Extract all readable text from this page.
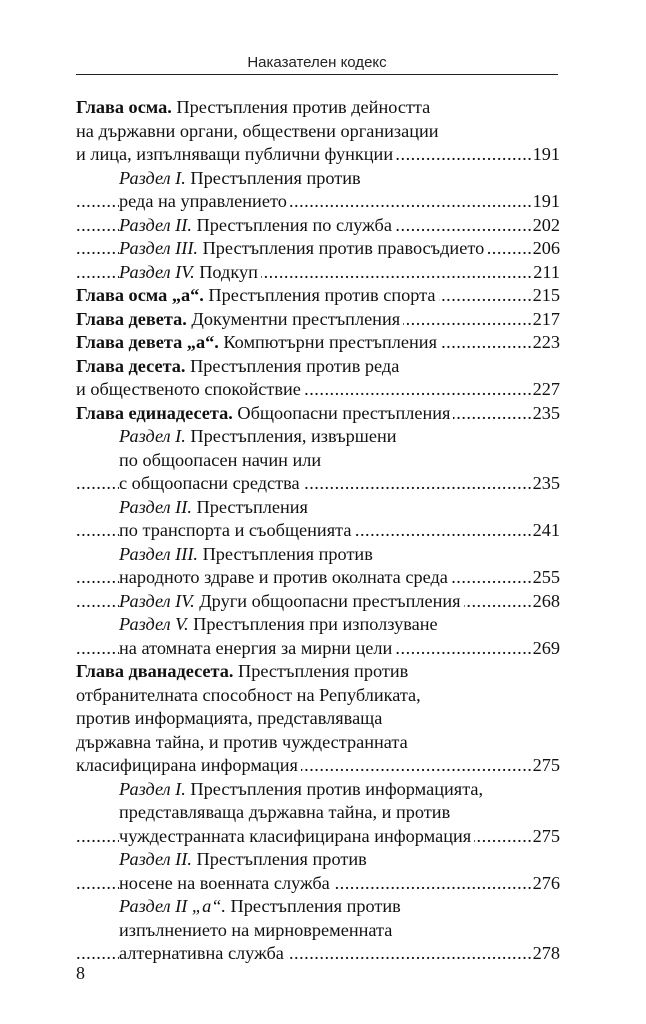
Наказателен кодекс
Глава осма. Престъпления против дейността
на държавни органи, обществени организации
и лица, изпълняващи публични функции	191
.....
Раздел I. Престъпления против
реда на управлението	191
.....
Раздел II. Престъпления по служба	202
.....
Раздел III. Престъпления против правосъдието	206
.....
Раздел IV. Подкуп	211
.....
Глава осма „а“. Престъпления против спорта	215
.....
Глава девета. Документни престъпления	217
.....
Глава девета „а“. Компютърни престъпления	223
.....
Глава десета. Престъпления против реда
и общественото спокойствие	227
.....
Глава единадесета. Общоопасни престъпления	235
.....
Раздел I. Престъпления, извършени
по общоопасен начин или
с общоопасни средства	235
.....
Раздел II. Престъпления
по транспорта и съобщенията	241
.....
Раздел III. Престъпления против
народното здраве и против околната среда	255
.....
Раздел IV. Други общоопасни престъпления	268
.....
Раздел V. Престъпления при използуване
на атомната енергия за мирни цели	269
.....
Глава дванадесета. Престъпления против
отбранителната способност на Републиката,
против информацията, представляваща
държавна тайна, и против чуждестранната
класифицирана информация	275
.....
Раздел I. Престъпления против информацията,
представляваща държавна тайна, и против
чуждестранната класифицирана информация	275
.....
Раздел II. Престъпления против
носене на военната служба	276
.....
Раздел II „а“. Престъпления против
изпълнението на мирновременната
алтернативна служба	278
.....
8
